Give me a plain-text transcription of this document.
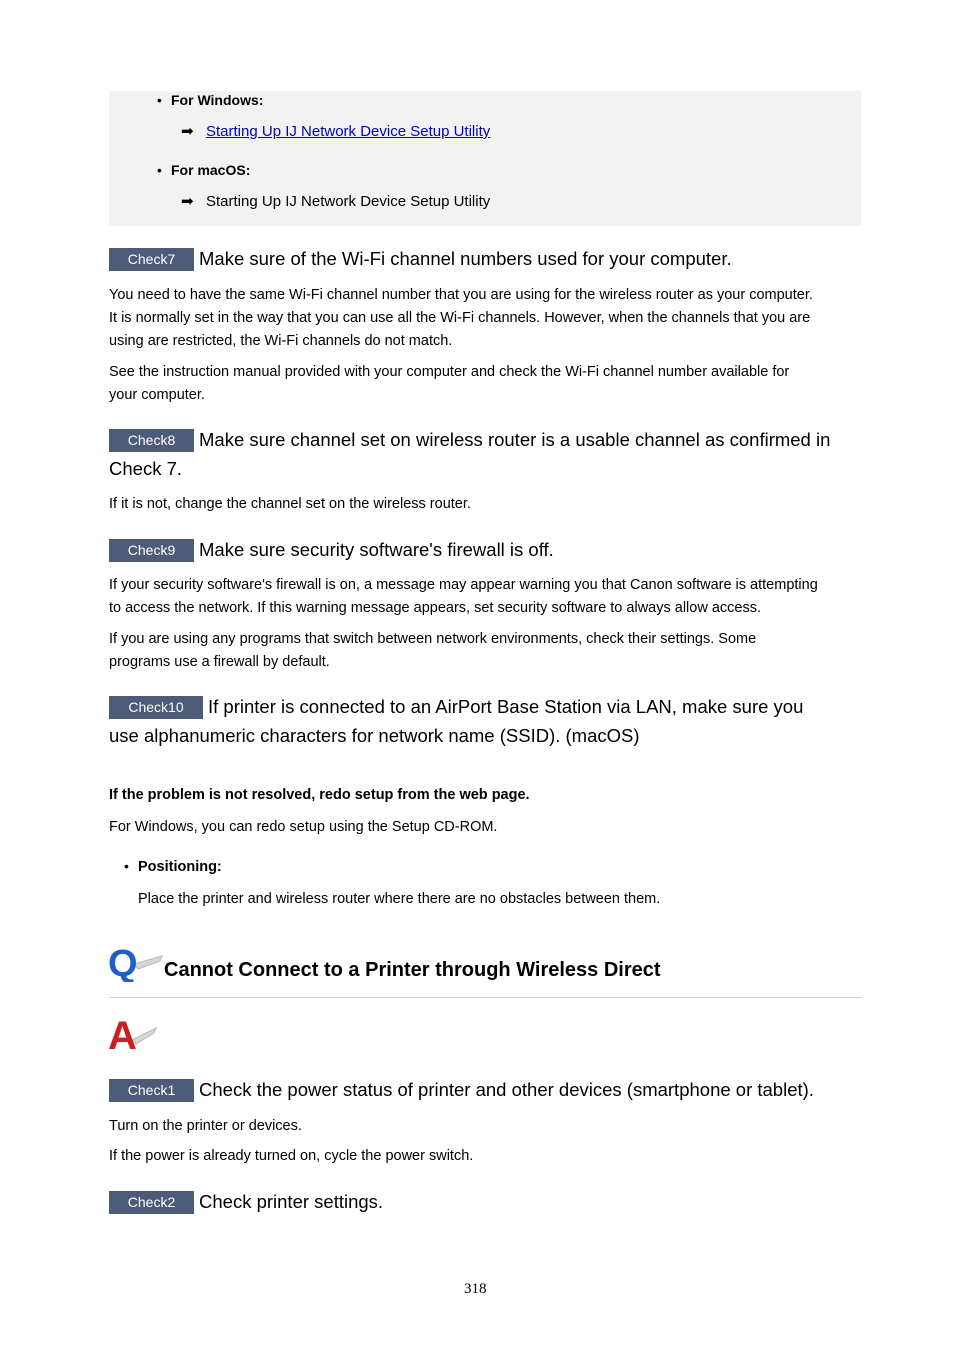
• For Windows:
➡ Starting Up IJ Network Device Setup Utility
• For macOS:
➡ Starting Up IJ Network Device Setup Utility
Check7	Make sure of the Wi-Fi channel numbers used for your computer.
You need to have the same Wi-Fi channel number that you are using for the wireless router as your computer.
It is normally set in the way that you can use all the Wi-Fi channels. However, when the channels that you are
using are restricted, the Wi-Fi channels do not match.
See the instruction manual provided with your computer and check the Wi-Fi channel number available for
your computer.
Check8	Make sure channel set on wireless router is a usable channel as confirmed in
Check 7.
If it is not, change the channel set on the wireless router.
Check9	Make sure security software's firewall is off.
If your security software's firewall is on, a message may appear warning you that Canon software is attempting
to access the network. If this warning message appears, set security software to always allow access.
If you are using any programs that switch between network environments, check their settings. Some
programs use a firewall by default.
Check10	If printer is connected to an AirPort Base Station via LAN, make sure you
use alphanumeric characters for network name (SSID). (macOS)
If the problem is not resolved, redo setup from the web page.
For Windows, you can redo setup using the Setup CD-ROM.
• Positioning:
Place the printer and wireless router where there are no obstacles between them.
Q Cannot Connect to a Printer through Wireless Direct
A
Check1	Check the power status of printer and other devices (smartphone or tablet).
Turn on the printer or devices.
If the power is already turned on, cycle the power switch.
Check2	Check printer settings.
318
